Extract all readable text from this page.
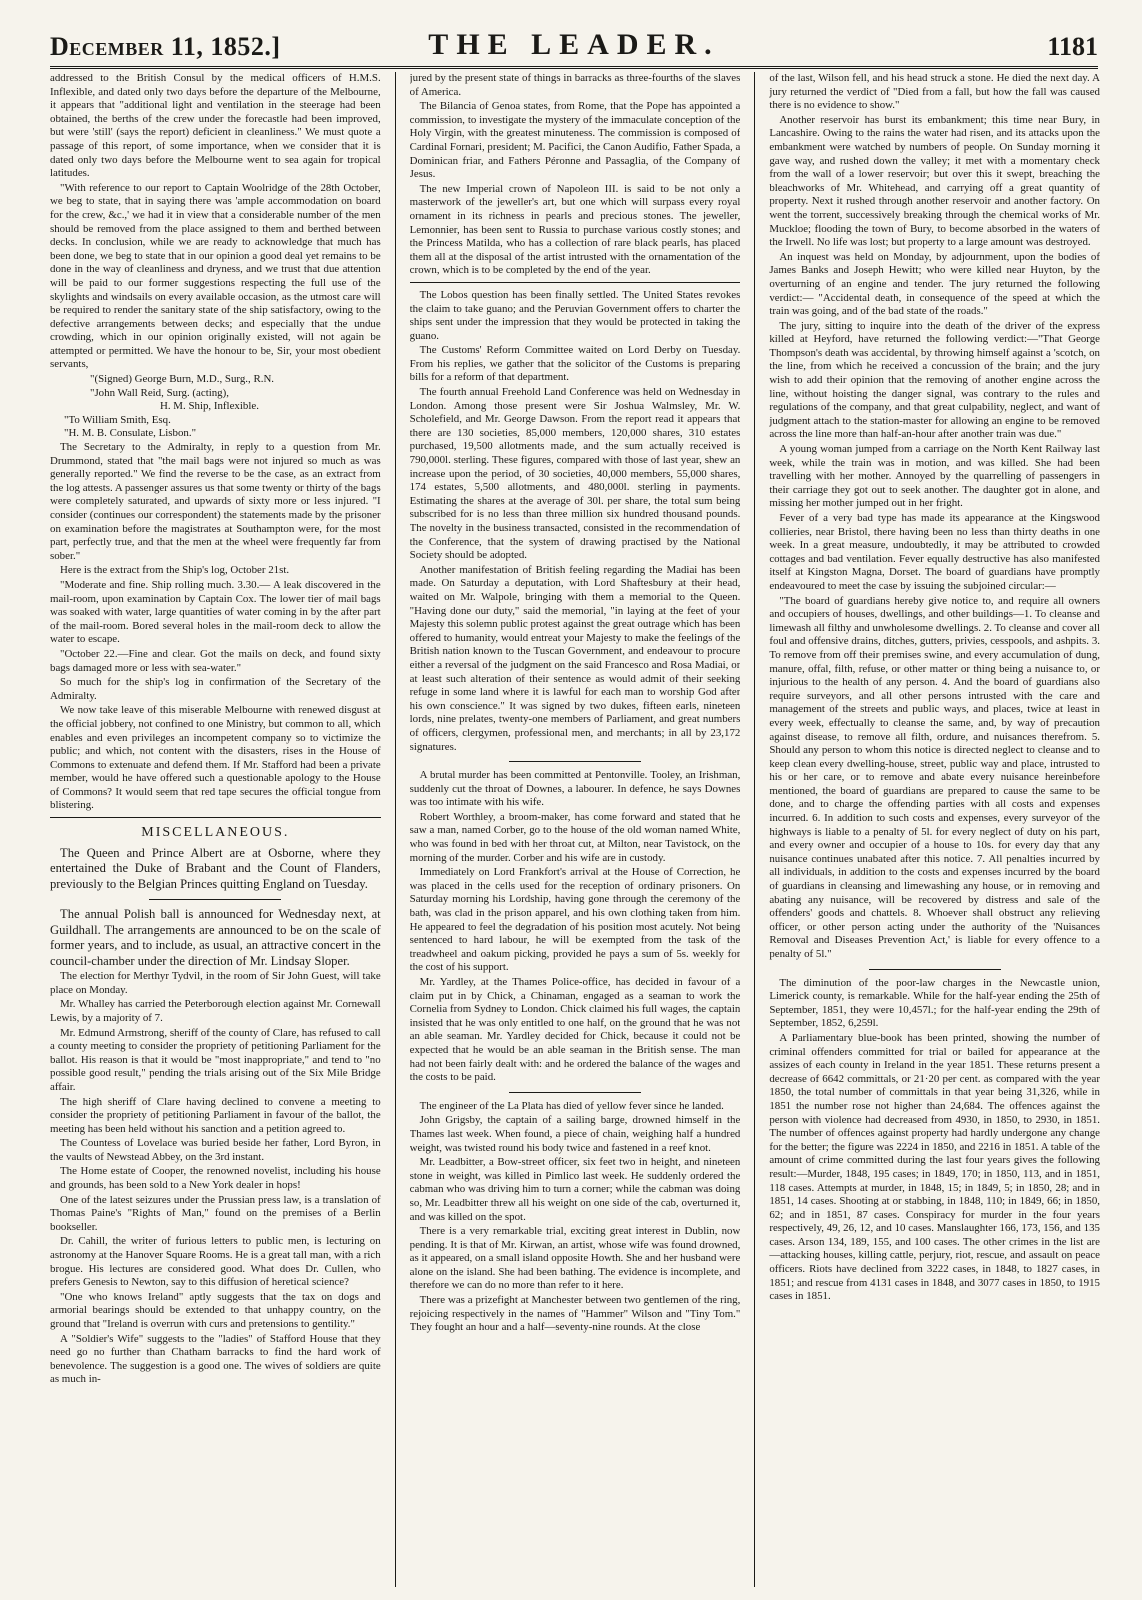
December 11, 1852.]	THE LEADER.	1181

addressed to the British Consul by the medical officers of H.M.S. Inflexible, and dated only two days before the departure of the Melbourne, it appears that "additional light and ventilation in the steerage had been obtained, the berths of the crew under the forecastle had been improved, but were 'still' (says the report) deficient in cleanliness." We must quote a passage of this report, of some importance, when we consider that it is dated only two days before the Melbourne went to sea again for tropical latitudes.

"With reference to our report to Captain Woolridge of the 28th October, we beg to state, that in saying there was 'ample accommodation on board for the crew, &c.,' we had it in view that a considerable number of the men should be removed from the place assigned to them and berthed between decks. In conclusion, while we are ready to acknowledge that much has been done, we beg to state that in our opinion a good deal yet remains to be done in the way of cleanliness and dryness, and we trust that due attention will be paid to our former suggestions respecting the full use of the skylights and windsails on every available occasion, as the utmost care will be required to render the sanitary state of the ship satisfactory, owing to the defective arrangements between decks; and especially that the undue crowding, which in our opinion originally existed, will not again be attempted or permitted. We have the honour to be, Sir, your most obedient servants,

"(Signed) George Burn, M.D., Surg., R.N.

"John Wall Reid, Surg. (acting),

H. M. Ship, Inflexible.

"To William Smith, Esq.

"H. M. B. Consulate, Lisbon."

The Secretary to the Admiralty, in reply to a question from Mr. Drummond, stated that "the mail bags were not injured so much as was generally reported." We find the reverse to be the case, as an extract from the log attests. A passenger assures us that some twenty or thirty of the bags were completely saturated, and upwards of sixty more or less injured. "I consider (continues our correspondent) the statements made by the prisoner on examination before the magistrates at Southampton were, for the most part, perfectly true, and that the men at the wheel were frequently far from sober."

Here is the extract from the Ship's log, October 21st.

"Moderate and fine. Ship rolling much. 3.30.— A leak discovered in the mail-room, upon examination by Captain Cox. The lower tier of mail bags was soaked with water, large quantities of water coming in by the after part of the mail-room. Bored several holes in the mail-room deck to allow the water to escape.

"October 22.—Fine and clear. Got the mails on deck, and found sixty bags damaged more or less with sea-water."

So much for the ship's log in confirmation of the Secretary of the Admiralty.

We now take leave of this miserable Melbourne with renewed disgust at the official jobbery, not confined to one Ministry, but common to all, which enables and even privileges an incompetent company so to victimize the public; and which, not content with the disasters, rises in the House of Commons to extenuate and defend them. If Mr. Stafford had been a private member, would he have offered such a questionable apology to the House of Commons? It would seem that red tape secures the official tongue from blistering.

MISCELLANEOUS.

The Queen and Prince Albert are at Osborne, where they entertained the Duke of Brabant and the Count of Flanders, previously to the Belgian Princes quitting England on Tuesday.

The annual Polish ball is announced for Wednesday next, at Guildhall. The arrangements are announced to be on the scale of former years, and to include, as usual, an attractive concert in the council-chamber under the direction of Mr. Lindsay Sloper.

The election for Merthyr Tydvil, in the room of Sir John Guest, will take place on Monday.

Mr. Whalley has carried the Peterborough election against Mr. Cornewall Lewis, by a majority of 7.

Mr. Edmund Armstrong, sheriff of the county of Clare, has refused to call a county meeting to consider the propriety of petitioning Parliament for the ballot. His reason is that it would be "most inappropriate," and tend to "no possible good result," pending the trials arising out of the Six Mile Bridge affair.

The high sheriff of Clare having declined to convene a meeting to consider the propriety of petitioning Parliament in favour of the ballot, the meeting has been held without his sanction and a petition agreed to.

The Countess of Lovelace was buried beside her father, Lord Byron, in the vaults of Newstead Abbey, on the 3rd instant.

The Home estate of Cooper, the renowned novelist, including his house and grounds, has been sold to a New York dealer in hops!

One of the latest seizures under the Prussian press law, is a translation of Thomas Paine's "Rights of Man," found on the premises of a Berlin bookseller.

Dr. Cahill, the writer of furious letters to public men, is lecturing on astronomy at the Hanover Square Rooms. He is a great tall man, with a rich brogue. His lectures are considered good. What does Dr. Cullen, who prefers Genesis to Newton, say to this diffusion of heretical science?

"One who knows Ireland" aptly suggests that the tax on dogs and armorial bearings should be extended to that unhappy country, on the ground that "Ireland is overrun with curs and pretensions to gentility."

A "Soldier's Wife" suggests to the "ladies" of Stafford House that they need go no further than Chatham barracks to find the hard work of benevolence. The suggestion is a good one. The wives of soldiers are quite as much in-

jured by the present state of things in barracks as three-fourths of the slaves of America.

The Bilancia of Genoa states, from Rome, that the Pope has appointed a commission, to investigate the mystery of the immaculate conception of the Holy Virgin, with the greatest minuteness. The commission is composed of Cardinal Fornari, president; M. Pacifici, the Canon Audifio, Father Spada, a Dominican friar, and Fathers Péronne and Passaglia, of the Company of Jesus.

The new Imperial crown of Napoleon III. is said to be not only a masterwork of the jeweller's art, but one which will surpass every royal ornament in its richness in pearls and precious stones. The jeweller, Lemonnier, has been sent to Russia to purchase various costly stones; and the Princess Matilda, who has a collection of rare black pearls, has placed them all at the disposal of the artist intrusted with the ornamentation of the crown, which is to be completed by the end of the year.

The Lobos question has been finally settled. The United States revokes the claim to take guano; and the Peruvian Government offers to charter the ships sent under the impression that they would be protected in taking the guano.

The Customs' Reform Committee waited on Lord Derby on Tuesday. From his replies, we gather that the solicitor of the Customs is preparing bills for a reform of that department.

The fourth annual Freehold Land Conference was held on Wednesday in London. Among those present were Sir Joshua Walmsley, Mr. W. Scholefield, and Mr. George Dawson. From the report read it appears that there are 130 societies, 85,000 members, 120,000 shares, 310 estates purchased, 19,500 allotments made, and the sum actually received is 790,000l. sterling. These figures, compared with those of last year, shew an increase upon the period, of 30 societies, 40,000 members, 55,000 shares, 174 estates, 5,500 allotments, and 480,000l. sterling in payments. Estimating the shares at the average of 30l. per share, the total sum being subscribed for is no less than three million six hundred thousand pounds. The novelty in the business transacted, consisted in the recommendation of the Conference, that the system of drawing practised by the National Society should be adopted.

Another manifestation of British feeling regarding the Madiai has been made. On Saturday a deputation, with Lord Shaftesbury at their head, waited on Mr. Walpole, bringing with them a memorial to the Queen. "Having done our duty," said the memorial, "in laying at the feet of your Majesty this solemn public protest against the great outrage which has been offered to humanity, would entreat your Majesty to make the feelings of the British nation known to the Tuscan Government, and endeavour to procure either a reversal of the judgment on the said Francesco and Rosa Madiai, or at least such alteration of their sentence as would admit of their seeking refuge in some land where it is lawful for each man to worship God after his own conscience." It was signed by two dukes, fifteen earls, nineteen lords, nine prelates, twenty-one members of Parliament, and great numbers of officers, clergymen, professional men, and merchants; in all by 23,172 signatures.

A brutal murder has been committed at Pentonville. Tooley, an Irishman, suddenly cut the throat of Downes, a labourer. In defence, he says Downes was too intimate with his wife.

Robert Worthley, a broom-maker, has come forward and stated that he saw a man, named Corber, go to the house of the old woman named White, who was found in bed with her throat cut, at Milton, near Tavistock, on the morning of the murder. Corber and his wife are in custody.

Immediately on Lord Frankfort's arrival at the House of Correction, he was placed in the cells used for the reception of ordinary prisoners. On Saturday morning his Lordship, having gone through the ceremony of the bath, was clad in the prison apparel, and his own clothing taken from him. He appeared to feel the degradation of his position most acutely. Not being sentenced to hard labour, he will be exempted from the task of the treadwheel and oakum picking, provided he pays a sum of 5s. weekly for the cost of his support.

Mr. Yardley, at the Thames Police-office, has decided in favour of a claim put in by Chick, a Chinaman, engaged as a seaman to work the Cornelia from Sydney to London. Chick claimed his full wages, the captain insisted that he was only entitled to one half, on the ground that he was not an able seaman. Mr. Yardley decided for Chick, because it could not be expected that he would be an able seaman in the British sense. The man had not been fairly dealt with: and he ordered the balance of the wages and the costs to be paid.

The engineer of the La Plata has died of yellow fever since he landed.

John Grigsby, the captain of a sailing barge, drowned himself in the Thames last week. When found, a piece of chain, weighing half a hundred weight, was twisted round his body twice and fastened in a reef knot.

Mr. Leadbitter, a Bow-street officer, six feet two in height, and nineteen stone in weight, was killed in Pimlico last week. He suddenly ordered the cabman who was driving him to turn a corner; while the cabman was doing so, Mr. Leadbitter threw all his weight on one side of the cab, overturned it, and was killed on the spot.

There is a very remarkable trial, exciting great interest in Dublin, now pending. It is that of Mr. Kirwan, an artist, whose wife was found drowned, as it appeared, on a small island opposite Howth. She and her husband were alone on the island. She had been bathing. The evidence is incomplete, and therefore we can do no more than refer to it here.

There was a prizefight at Manchester between two gentlemen of the ring, rejoicing respectively in the names of "Hammer" Wilson and "Tiny Tom." They fought an hour and a half—seventy-nine rounds. At the close

of the last, Wilson fell, and his head struck a stone. He died the next day. A jury returned the verdict of "Died from a fall, but how the fall was caused there is no evidence to show."

Another reservoir has burst its embankment; this time near Bury, in Lancashire. Owing to the rains the water had risen, and its attacks upon the embankment were watched by numbers of people. On Sunday morning it gave way, and rushed down the valley; it met with a momentary check from the wall of a lower reservoir; but over this it swept, breaching the bleachworks of Mr. Whitehead, and carrying off a great quantity of property. Next it rushed through another reservoir and another factory. On went the torrent, successively breaking through the chemical works of Mr. Muckloe; flooding the town of Bury, to become absorbed in the waters of the Irwell. No life was lost; but property to a large amount was destroyed.

An inquest was held on Monday, by adjournment, upon the bodies of James Banks and Joseph Hewitt; who were killed near Huyton, by the overturning of an engine and tender. The jury returned the following verdict:— "Accidental death, in consequence of the speed at which the train was going, and of the bad state of the roads."

The jury, sitting to inquire into the death of the driver of the express killed at Heyford, have returned the following verdict:—"That George Thompson's death was accidental, by throwing himself against a 'scotch, on the line, from which he received a concussion of the brain; and the jury wish to add their opinion that the removing of another engine across the line, without hoisting the danger signal, was contrary to the rules and regulations of the company, and that great culpability, neglect, and want of judgment attach to the station-master for allowing an engine to be removed across the line more than half-an-hour after another train was due."

A young woman jumped from a carriage on the North Kent Railway last week, while the train was in motion, and was killed. She had been travelling with her mother. Annoyed by the quarrelling of passengers in their carriage they got out to seek another. The daughter got in alone, and missing her mother jumped out in her fright.

Fever of a very bad type has made its appearance at the Kingswood collieries, near Bristol, there having been no less than thirty deaths in one week. In a great measure, undoubtedly, it may be attributed to crowded cottages and bad ventilation. Fever equally destructive has also manifested itself at Kingston Magna, Dorset. The board of guardians have promptly endeavoured to meet the case by issuing the subjoined circular:—

"The board of guardians hereby give notice to, and require all owners and occupiers of houses, dwellings, and other buildings—1. To cleanse and limewash all filthy and unwholesome dwellings. 2. To cleanse and cover all foul and offensive drains, ditches, gutters, privies, cesspools, and ashpits. 3. To remove from off their premises swine, and every accumulation of dung, manure, offal, filth, refuse, or other matter or thing being a nuisance to, or injurious to the health of any person. 4. And the board of guardians also require surveyors, and all other persons intrusted with the care and management of the streets and public ways, and places, twice at least in every week, effectually to cleanse the same, and, by way of precaution against disease, to remove all filth, ordure, and nuisances therefrom. 5. Should any person to whom this notice is directed neglect to cleanse and to keep clean every dwelling-house, street, public way and place, intrusted to his or her care, or to remove and abate every nuisance hereinbefore mentioned, the board of guardians are prepared to cause the same to be done, and to charge the offending parties with all costs and expenses incurred. 6. In addition to such costs and expenses, every surveyor of the highways is liable to a penalty of 5l. for every neglect of duty on his part, and every owner and occupier of a house to 10s. for every day that any nuisance continues unabated after this notice. 7. All penalties incurred by all individuals, in addition to the costs and expenses incurred by the board of guardians in cleansing and limewashing any house, or in removing and abating any nuisance, will be recovered by distress and sale of the offenders' goods and chattels. 8. Whoever shall obstruct any relieving officer, or other person acting under the authority of the 'Nuisances Removal and Diseases Prevention Act,' is liable for every offence to a penalty of 5l."

The diminution of the poor-law charges in the Newcastle union, Limerick county, is remarkable. While for the half-year ending the 25th of September, 1851, they were 10,457l.; for the half-year ending the 29th of September, 1852, 6,259l.

A Parliamentary blue-book has been printed, showing the number of criminal offenders committed for trial or bailed for appearance at the assizes of each county in Ireland in the year 1851. These returns present a decrease of 6642 committals, or 21·20 per cent. as compared with the year 1850, the total number of committals in that year being 31,326, while in 1851 the number rose not higher than 24,684. The offences against the person with violence had decreased from 4930, in 1850, to 2930, in 1851. The number of offences against property had hardly undergone any change for the better; the figure was 2224 in 1850, and 2216 in 1851. A table of the amount of crime committed during the last four years gives the following result:—Murder, 1848, 195 cases; in 1849, 170; in 1850, 113, and in 1851, 118 cases. Attempts at murder, in 1848, 15; in 1849, 5; in 1850, 28; and in 1851, 14 cases. Shooting at or stabbing, in 1848, 110; in 1849, 66; in 1850, 62; and in 1851, 87 cases. Conspiracy for murder in the four years respectively, 49, 26, 12, and 10 cases. Manslaughter 166, 173, 156, and 135 cases. Arson 134, 189, 155, and 100 cases. The other crimes in the list are —attacking houses, killing cattle, perjury, riot, rescue, and assault on peace officers. Riots have declined from 3222 cases, in 1848, to 1827 cases, in 1851; and rescue from 4131 cases in 1848, and 3077 cases in 1850, to 1915 cases in 1851.
